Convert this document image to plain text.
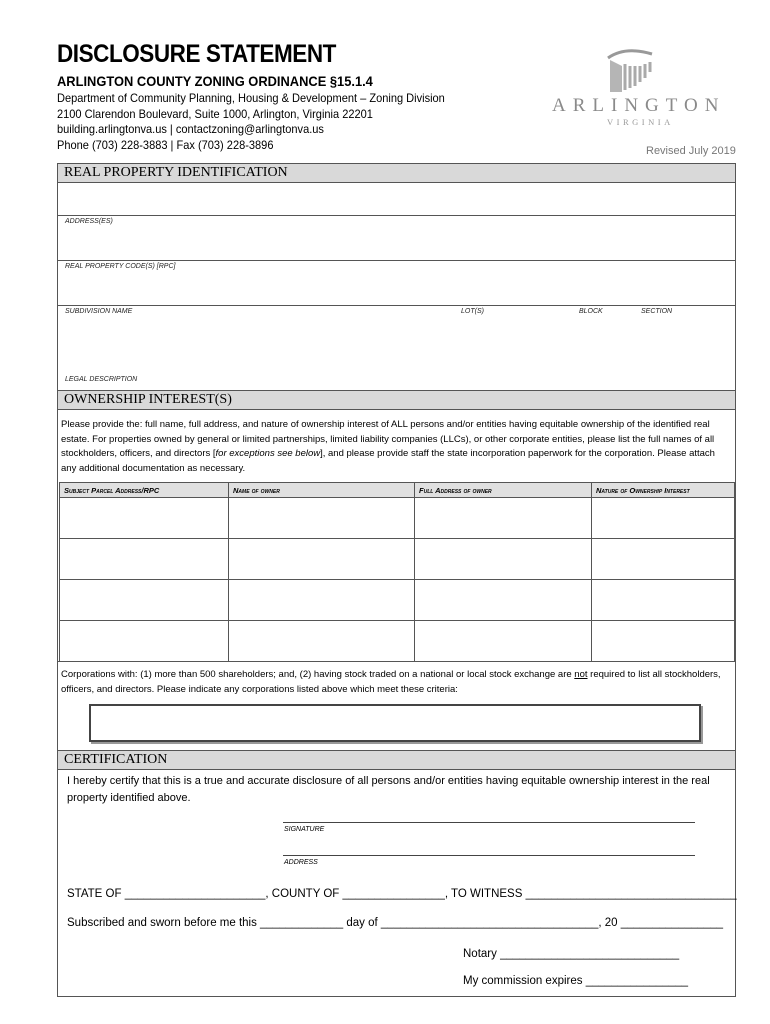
DISCLOSURE STATEMENT
ARLINGTON COUNTY ZONING ORDINANCE §15.1.4
Department of Community Planning, Housing & Development – Zoning Division
2100 Clarendon Boulevard, Suite 1000, Arlington, Virginia 22201
building.arlingtonva.us | contactzoning@arlingtonva.us
Phone (703) 228-3883 | Fax (703) 228-3896	Revised July 2019
ARLINGTON
VIRGINIA
REAL PROPERTY IDENTIFICATION
ADDRESS(ES)
REAL PROPERTY CODE(S) [RPC]
SUBDIVISION NAME	LOT(S)	BLOCK	SECTION
LEGAL DESCRIPTION
OWNERSHIP INTEREST(S)
Please provide the: full name, full address, and nature of ownership interest of ALL persons and/or entities having equitable ownership of the identified real estate. For properties owned by general or limited partnerships, limited liability companies (LLCs), or other corporate entities, please list the full names of all stockholders, officers, and directors [for exceptions see below], and please provide staff the state incorporation paperwork for the corporation. Please attach any additional documentation as necessary.
Subject Parcel Address/RPC	Name of owner	Full Address of owner	Nature of Ownership Interest

Corporations with: (1) more than 500 shareholders; and, (2) having stock traded on a national or local stock exchange are not required to list all stockholders, officers, and directors. Please indicate any corporations listed above which meet these criteria:
CERTIFICATION
I hereby certify that this is a true and accurate disclosure of all persons and/or entities having equitable ownership interest in the real property identified above.
SIGNATURE
ADDRESS
STATE OF ______________________, COUNTY OF ________________, TO WITNESS _________________________________
Subscribed and sworn before me this _____________ day of __________________________________, 20 ________________
Notary ____________________________
My commission expires ________________
